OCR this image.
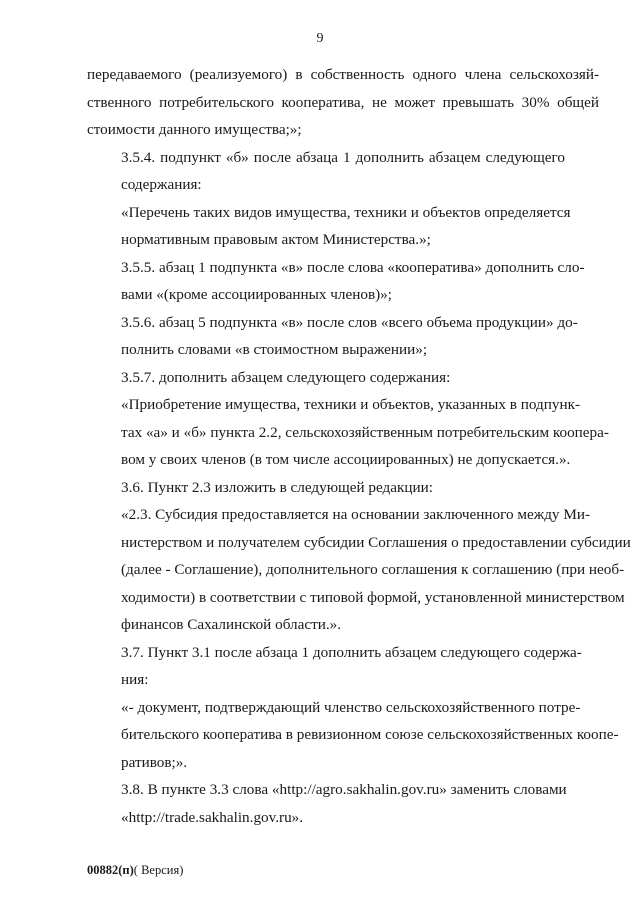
9

передаваемого (реализуемого) в собственность одного члена сельскохозяй-
ственного потребительского кооператива, не может превышать 30% общей
стоимости данного имущества;»;

3.5.4. подпункт «б» после абзаца 1 дополнить абзацем следующего
содержания:

«Перечень таких видов имущества, техники и объектов определяется
нормативным правовым актом Министерства.»;

3.5.5. абзац 1 подпункта «в» после слова «кооператива» дополнить сло-
вами «(кроме ассоциированных членов)»;

3.5.6. абзац 5 подпункта «в» после слов «всего объема продукции» до-
полнить словами «в стоимостном выражении»;

3.5.7. дополнить абзацем следующего содержания:

«Приобретение имущества, техники и объектов, указанных в подпунк-
тах «а» и «б» пункта 2.2, сельскохозяйственным потребительским коопера-
вом у своих членов (в том числе ассоциированных) не допускается.».

3.6. Пункт 2.3 изложить в следующей редакции:

«2.3. Субсидия предоставляется на основании заключенного между Ми-
нистерством и получателем субсидии Соглашения о предоставлении субсидии
(далее - Соглашение), дополнительного соглашения к соглашению (при необ-
ходимости) в соответствии с типовой формой, установленной министерством
финансов Сахалинской области.».

3.7. Пункт 3.1 после абзаца 1 дополнить абзацем следующего содержа-
ния:

«- документ, подтверждающий членство сельскохозяйственного потре-
бительского кооператива в ревизионном союзе сельскохозяйственных коопе-
ративов;».

3.8. В пункте 3.3 слова «http://agro.sakhalin.gov.ru» заменить словами
«http://trade.sakhalin.gov.ru».

00882(п)( Версия)
